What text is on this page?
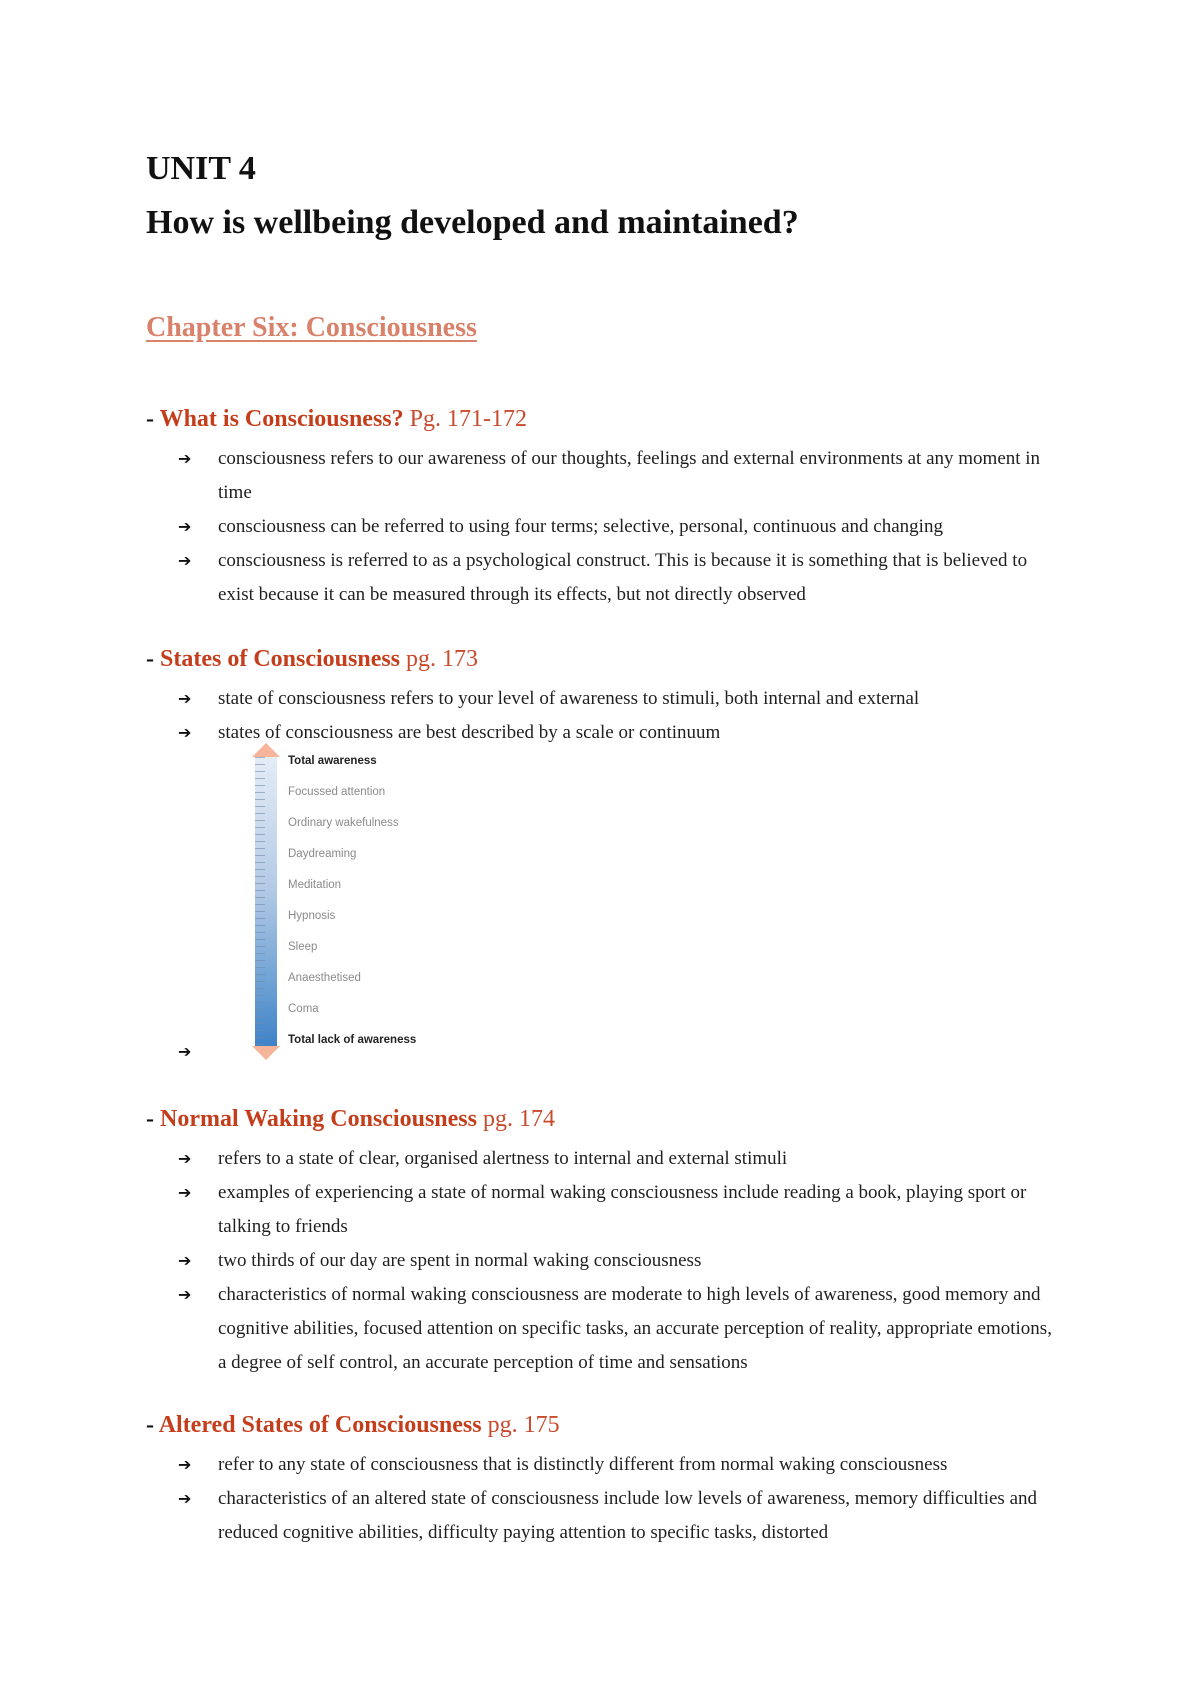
UNIT 4
How is wellbeing developed and maintained?
Chapter Six: Consciousness
- What is Consciousness? Pg. 171-172
➔ consciousness refers to our awareness of our thoughts, feelings and external environments at any moment in time
➔ consciousness can be referred to using four terms; selective, personal, continuous and changing
➔ consciousness is referred to as a psychological construct. This is because it is something that is believed to exist because it can be measured through its effects, but not directly observed
- States of Consciousness pg. 173
➔ state of consciousness refers to your level of awareness to stimuli, both internal and external
➔ states of consciousness are best described by a scale or continuum

Total awareness

Focussed attention

Ordinary wakefulness

Daydreaming

Meditation

Hypnosis

Sleep

Anaesthetised

Coma

Total lack of awareness

➔
- Normal Waking Consciousness pg. 174
➔ refers to a state of clear, organised alertness to internal and external stimuli
➔ examples of experiencing a state of normal waking consciousness include reading a book, playing sport or talking to friends
➔ two thirds of our day are spent in normal waking consciousness
➔ characteristics of normal waking consciousness are moderate to high levels of awareness, good memory and cognitive abilities, focused attention on specific tasks, an accurate perception of reality, appropriate emotions, a degree of self control, an accurate perception of time and sensations
- Altered States of Consciousness pg. 175
➔ refer to any state of consciousness that is distinctly different from normal waking consciousness
➔ characteristics of an altered state of consciousness include low levels of awareness, memory difficulties and reduced cognitive abilities, difficulty paying attention to specific tasks, distorted
